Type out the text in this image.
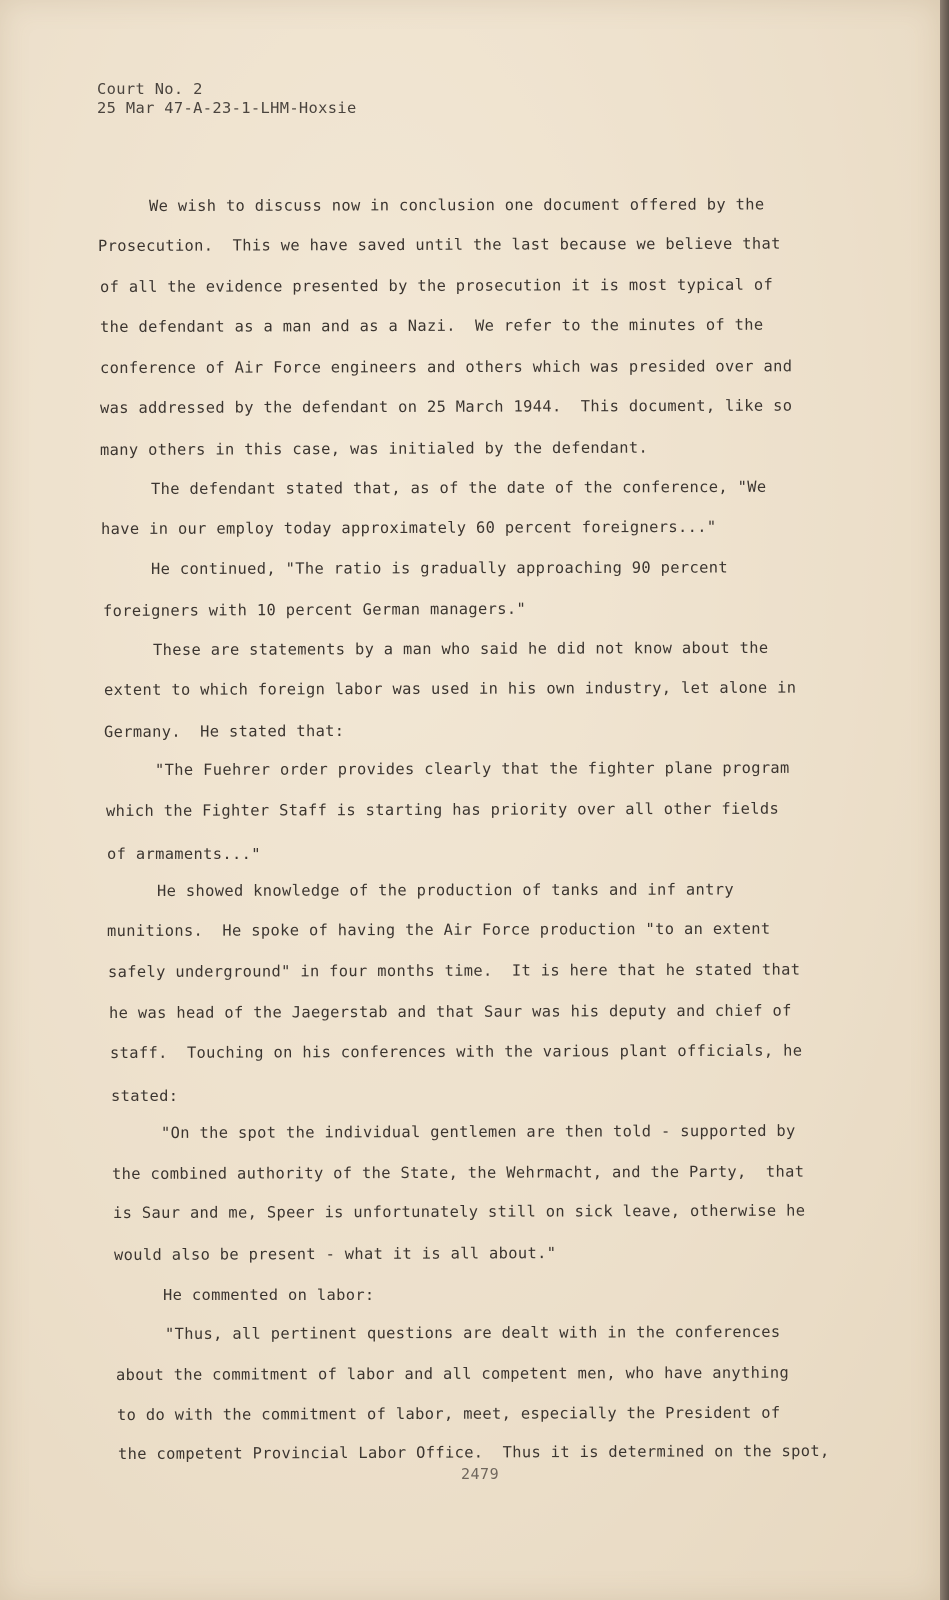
Court No. 2

25 Mar 47-A-23-1-LHM-Hoxsie

We wish to discuss now in conclusion one document offered by the

Prosecution.  This we have saved until the last because we believe that

of all the evidence presented by the prosecution it is most typical of

the defendant as a man and as a Nazi.  We refer to the minutes of the

conference of Air Force engineers and others which was presided over and

was addressed by the defendant on 25 March 1944.  This document, like so

many others in this case, was initialed by the defendant.

The defendant stated that, as of the date of the conference, "We

have in our employ today approximately 60 percent foreigners..."

He continued, "The ratio is gradually approaching 90 percent

foreigners with 10 percent German managers."

These are statements by a man who said he did not know about the

extent to which foreign labor was used in his own industry, let alone in

Germany.  He stated that:

"The Fuehrer order provides clearly that the fighter plane program

which the Fighter Staff is starting has priority over all other fields

of armaments..."

He showed knowledge of the production of tanks and inf antry

munitions.  He spoke of having the Air Force production "to an extent

safely underground" in four months time.  It is here that he stated that

he was head of the Jaegerstab and that Saur was his deputy and chief of

staff.  Touching on his conferences with the various plant officials, he

stated:

"On the spot the individual gentlemen are then told - supported by

the combined authority of the State, the Wehrmacht, and the Party,  that

is Saur and me, Speer is unfortunately still on sick leave, otherwise he

would also be present - what it is all about."

He commented on labor:

"Thus, all pertinent questions are dealt with in the conferences

about the commitment of labor and all competent men, who have anything

to do with the commitment of labor, meet, especially the President of

the competent Provincial Labor Office.  Thus it is determined on the spot,

2479
